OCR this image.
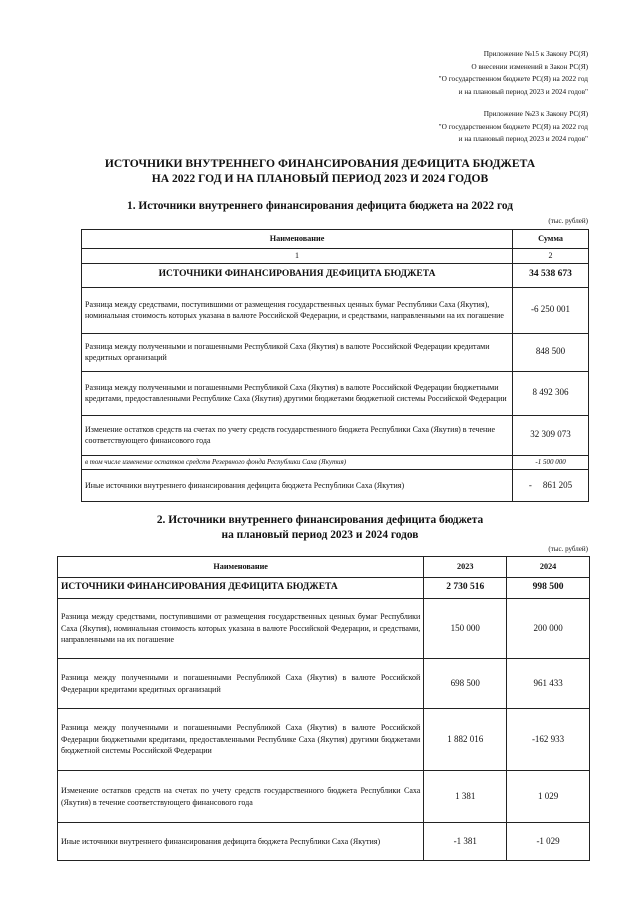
Приложение №15 к Закону РС(Я)
О внесении изменений в Закон РС(Я)
"О государственном бюджете РС(Я) на 2022 год
и на плановый период 2023 и 2024 годов"
Приложение №23 к Закону РС(Я)
"О государственном бюджете РС(Я) на 2022 год
и на плановый период 2023 и 2024 годов"
ИСТОЧНИКИ ВНУТРЕННЕГО ФИНАНСИРОВАНИЯ ДЕФИЦИТА БЮДЖЕТА
НА 2022 ГОД И НА ПЛАНОВЫЙ ПЕРИОД 2023 И 2024 ГОДОВ
1. Источники внутреннего финансирования дефицита бюджета на 2022 год
(тыс. рублей)
Наименование	Сумма
1	2
ИСТОЧНИКИ ФИНАНСИРОВАНИЯ ДЕФИЦИТА БЮДЖЕТА	34 538 673
Разница между средствами, поступившими от размещения государственных ценных бумаг Республики Саха (Якутия), номинальная стоимость которых указана в валюте Российской Федерации, и средствами, направленными на их погашение	-6 250 001
Разница между полученными и погашенными Республикой Саха (Якутия) в валюте Российской Федерации кредитами кредитных организаций	848 500
Разница между полученными и погашенными Республикой Саха (Якутия) в валюте Российской Федерации бюджетными кредитами, предоставленными Республике Саха (Якутия) другими бюджетами бюджетной системы Российской Федерации	8 492 306
Изменение остатков средств на счетах по учету средств государственного бюджета Республики Саха (Якутия) в течение соответствующего финансового года	32 309 073
в том числе изменение остатков средств Резервного фонда Республики Саха (Якутия)	-1 500 000
Иные источники внутреннего финансирования дефицита бюджета Республики Саха (Якутия)	- 861 205
2. Источники внутреннего финансирования дефицита бюджета
на плановый период 2023 и 2024 годов
(тыс. рублей)
Наименование	2023	2024
ИСТОЧНИКИ ФИНАНСИРОВАНИЯ ДЕФИЦИТА БЮДЖЕТА	2 730 516	998 500
Разница между средствами, поступившими от размещения государственных ценных бумаг Республики Саха (Якутия), номинальная стоимость которых указана в валюте Российской Федерации, и средствами, направленными на их погашение	150 000	200 000
Разница между полученными и погашенными Республикой Саха (Якутия) в валюте Российской Федерации кредитами кредитных организаций	698 500	961 433
Разница между полученными и погашенными Республикой Саха (Якутия) в валюте Российской Федерации бюджетными кредитами, предоставленными Республике Саха (Якутия) другими бюджетами бюджетной системы Российской Федерации	1 882 016	-162 933
Изменение остатков средств на счетах по учету средств государственного бюджета Республики Саха (Якутия) в течение соответствующего финансового года	1 381	1 029
Иные источники внутреннего финансирования дефицита бюджета Республики Саха (Якутия)	-1 381	-1 029
